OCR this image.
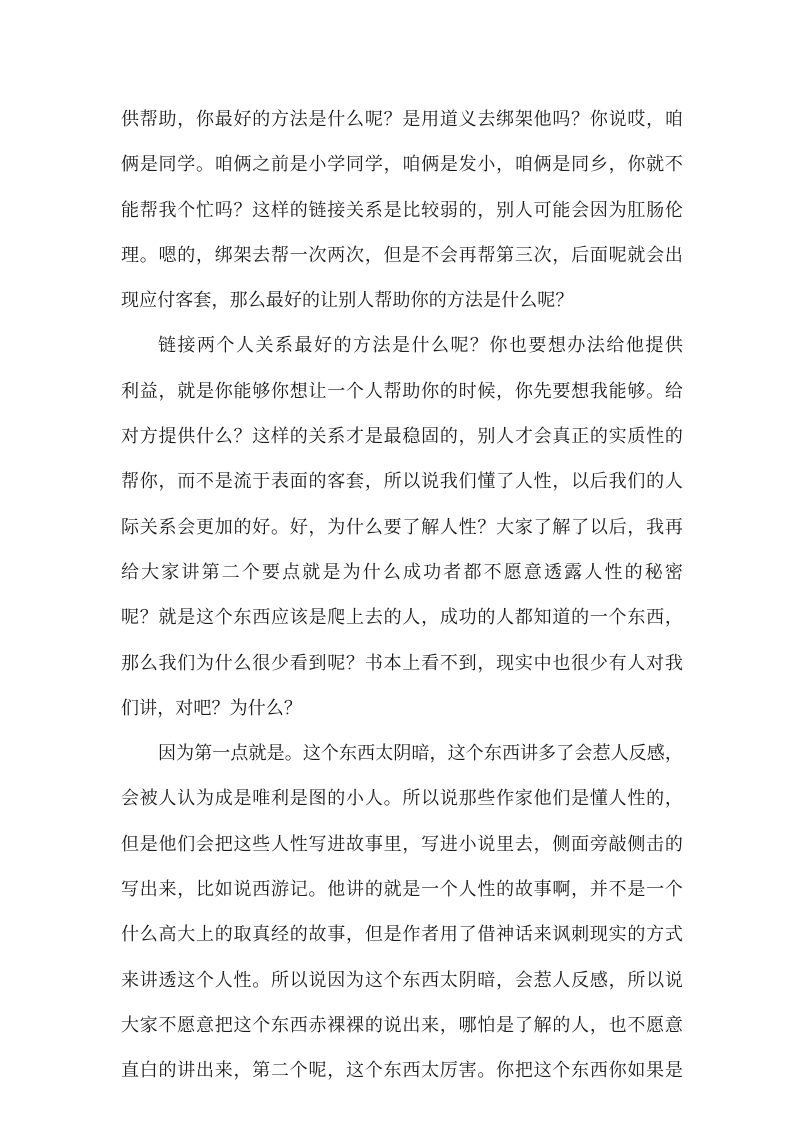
供帮助，你最好的方法是什么呢？是用道义去绑架他吗？你说哎，咱
俩是同学。咱俩之前是小学同学，咱俩是发小，咱俩是同乡，你就不
能帮我个忙吗？这样的链接关系是比较弱的，别人可能会因为肛肠伦
理。嗯的，绑架去帮一次两次，但是不会再帮第三次，后面呢就会出
现应付客套，那么最好的让别人帮助你的方法是什么呢？
链接两个人关系最好的方法是什么呢？你也要想办法给他提供
利益，就是你能够你想让一个人帮助你的时候，你先要想我能够。给
对方提供什么？这样的关系才是最稳固的，别人才会真正的实质性的
帮你，而不是流于表面的客套，所以说我们懂了人性，以后我们的人
际关系会更加的好。好，为什么要了解人性？大家了解了以后，我再
给大家讲第二个要点就是为什么成功者都不愿意透露人性的秘密
呢？就是这个东西应该是爬上去的人，成功的人都知道的一个东西，
那么我们为什么很少看到呢？书本上看不到，现实中也很少有人对我
们讲，对吧？为什么？
因为第一点就是。这个东西太阴暗，这个东西讲多了会惹人反感，
会被人认为成是唯利是图的小人。所以说那些作家他们是懂人性的，
但是他们会把这些人性写进故事里，写进小说里去，侧面旁敲侧击的
写出来，比如说西游记。他讲的就是一个人性的故事啊，并不是一个
什么高大上的取真经的故事，但是作者用了借神话来讽刺现实的方式
来讲透这个人性。所以说因为这个东西太阴暗，会惹人反感，所以说
大家不愿意把这个东西赤裸裸的说出来，哪怕是了解的人，也不愿意
直白的讲出来，第二个呢，这个东西太厉害。你把这个东西你如果是
